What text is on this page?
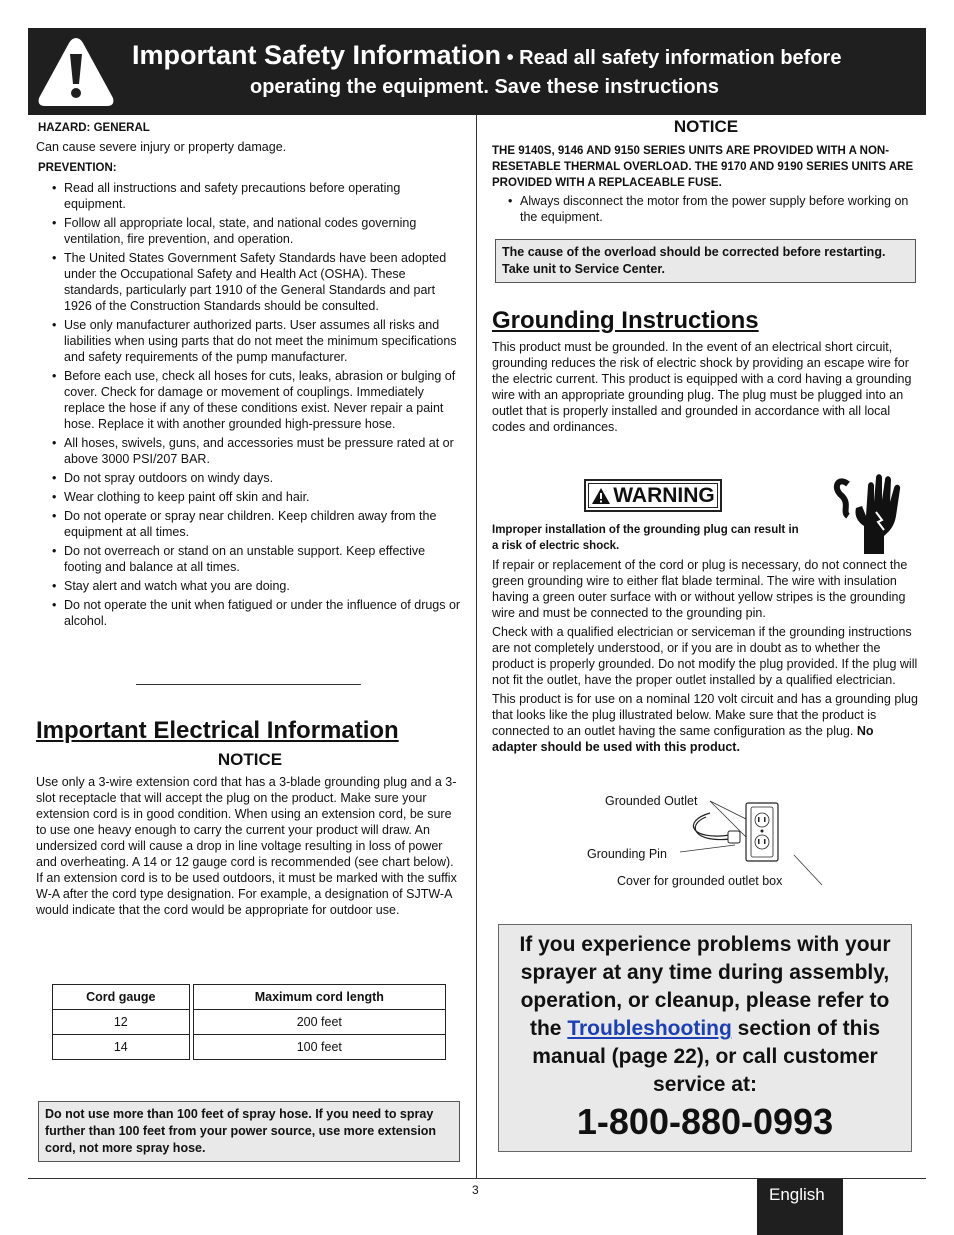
Important Safety Information • Read all safety information before
operating the equipment. Save these instructions
HAZARD: GENERAL
Can cause severe injury or property damage.
PREVENTION:
• Read all instructions and safety precautions before operating equipment.
• Follow all appropriate local, state, and national codes governing ventilation, fire prevention, and operation.
• The United States Government Safety Standards have been adopted under the Occupational Safety and Health Act (OSHA). These standards, particularly part 1910 of the General Standards and part 1926 of the Construction Standards should be consulted.
• Use only manufacturer authorized parts. User assumes all risks and liabilities when using parts that do not meet the minimum specifications and safety requirements of the pump manufacturer.
• Before each use, check all hoses for cuts, leaks, abrasion or bulging of cover. Check for damage or movement of couplings. Immediately replace the hose if any of these conditions exist. Never repair a paint hose. Replace it with another grounded high-pressure hose.
• All hoses, swivels, guns, and accessories must be pressure rated at or above 3000 PSI/207 BAR.
• Do not spray outdoors on windy days.
• Wear clothing to keep paint off skin and hair.
• Do not operate or spray near children. Keep children away from the equipment at all times.
• Do not overreach or stand on an unstable support. Keep effective footing and balance at all times.
• Stay alert and watch what you are doing.
• Do not operate the unit when fatigued or under the influence of drugs or alcohol.
Important Electrical Information
NOTICE
Use only a 3-wire extension cord that has a 3-blade grounding plug and a 3-slot receptacle that will accept the plug on the product. Make sure your extension cord is in good condition. When using an extension cord, be sure to use one heavy enough to carry the current your product will draw. An undersized cord will cause a drop in line voltage resulting in loss of power and overheating. A 14 or 12 gauge cord is recommended (see chart below). If an extension cord is to be used outdoors, it must be marked with the suffix W-A after the cord type designation. For example, a designation of SJTW-A would indicate that the cord would be appropriate for outdoor use.
Cord gauge		Maximum cord length
12		200 feet
14		100 feet
Do not use more than 100 feet of spray hose. If you need to spray further than 100 feet from your power source, use more extension cord, not more spray hose.
NOTICE
THE 9140S, 9146 AND 9150 SERIES UNITS ARE PROVIDED WITH A NON-RESETABLE THERMAL OVERLOAD. THE 9170 AND 9190 SERIES UNITS ARE PROVIDED WITH A REPLACEABLE FUSE.
• Always disconnect the motor from the power supply before working on the equipment.
The cause of the overload should be corrected before restarting. Take unit to Service Center.
Grounding Instructions
This product must be grounded. In the event of an electrical short circuit, grounding reduces the risk of electric shock by providing an escape wire for the electric current. This product is equipped with a cord having a grounding wire with an appropriate grounding plug. The plug must be plugged into an outlet that is properly installed and grounded in accordance with all local codes and ordinances.
WARNING
Improper installation of the grounding plug can result in a risk of electric shock.
If repair or replacement of the cord or plug is necessary, do not connect the green grounding wire to either flat blade terminal. The wire with insulation having a green outer surface with or without yellow stripes is the grounding wire and must be connected to the grounding pin.
Check with a qualified electrician or serviceman if the grounding instructions are not completely understood, or if you are in doubt as to whether the product is properly grounded. Do not modify the plug provided. If the plug will not fit the outlet, have the proper outlet installed by a qualified electrician.
This product is for use on a nominal 120 volt circuit and has a grounding plug that looks like the plug illustrated below. Make sure that the product is connected to an outlet having the same configuration as the plug. No adapter should be used with this product.
Grounded Outlet
Grounding Pin
Cover for grounded outlet box
If you experience problems with your sprayer at any time during assembly, operation, or cleanup, please refer to the Troubleshooting section of this manual (page 22), or call customer service at:
1-800-880-0993
3	English
